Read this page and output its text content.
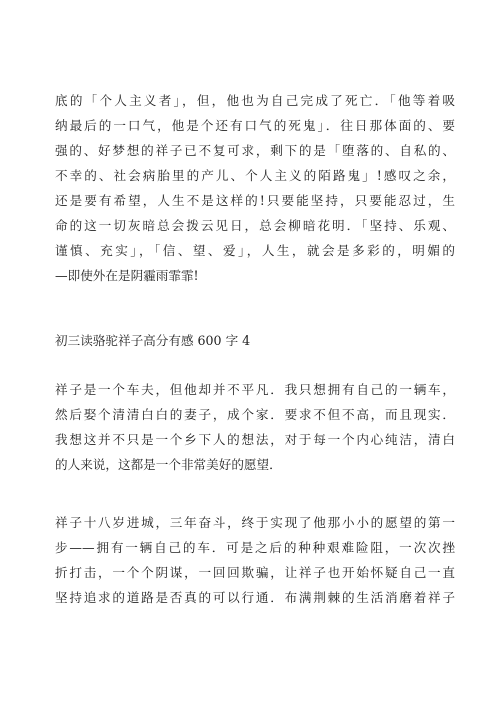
底的「个人主义者」，但，他也为自己完成了死亡．「他等着吸
纳最后的一口气，他是个还有口气的死鬼」．往日那体面的、要
强的、好梦想的祥子已不复可求，剩下的是「堕落的、自私的、
不幸的、社会病胎里的产儿、个人主义的陌路鬼」!感叹之余，
还是要有希望，人生不是这样的!只要能坚持，只要能忍过，生
命的这一切灰暗总会拨云见日，总会柳暗花明．「坚持、乐观、
谨慎、充实」，「信、望、爱」，人生，就会是多彩的，明媚的
—即使外在是阴霾雨霏霏!
初三读骆驼祥子高分有感 600 字 4
祥子是一个车夫，但他却并不平凡．我只想拥有自己的一辆车，
然后娶个清清白白的妻子，成个家．要求不但不高，而且现实．
我想这并不只是一个乡下人的想法，对于每一个内心纯洁，清白
的人来说，这都是一个非常美好的愿望．
祥子十八岁进城，三年奋斗，终于实现了他那小小的愿望的第一
步——拥有一辆自己的车．可是之后的种种艰难险阻，一次次挫
折打击，一个个阴谋，一回回欺骗，让祥子也开始怀疑自己一直
坚持追求的道路是否真的可以行通．布满荆棘的生活消磨着祥子
